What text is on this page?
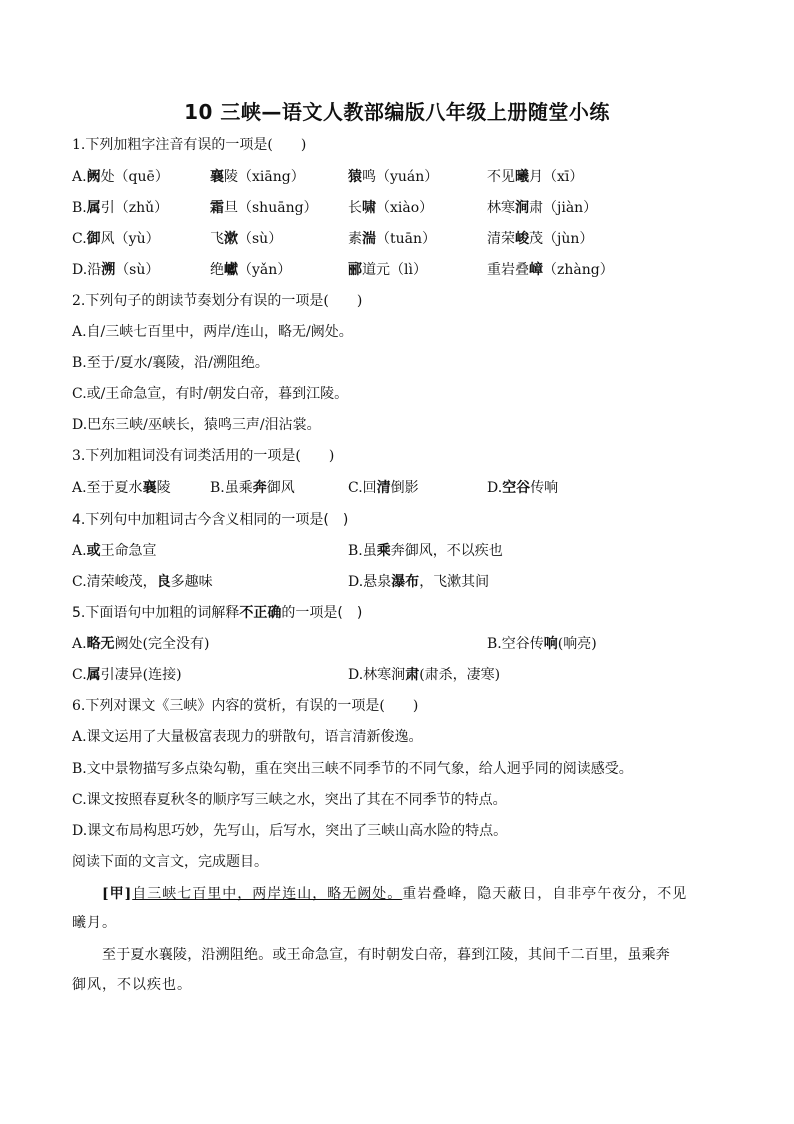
10 三峡—语文人教部编版八年级上册随堂小练
1.下列加粗字注音有误的一项是(　　)
A.阙处（quē）	襄陵（xiāng）	猿鸣（yuán）	不见曦月（xī）
B.属引（zhǔ）	霜旦（shuāng） 长啸（xiào）	林寒涧肃（jiàn）
C.御风（yù）	飞漱（sù）	素湍（tuān）	清荣峻茂（jùn）
D.沿溯（sù）	绝巘（yǎn）	郦道元（lì）	重岩叠嶂（zhàng）
2.下列句子的朗读节奏划分有误的一项是(　　)
A.自/三峡七百里中，两岸/连山，略无/阙处。
B.至于/夏水/襄陵，沿/溯阻绝。
C.或/王命急宣，有时/朝发白帝，暮到江陵。
D.巴东三峡/巫峡长，猿鸣三声/泪沾裳。
3.下列加粗词没有词类活用的一项是(　　)
A.至于夏水襄陵	B.虽乘奔御风	C.回清倒影	D.空谷传响
4.下列句中加粗词古今含义相同的一项是(　)
A.或王命急宣	B.虽乘奔御风，不以疾也
C.清荣峻茂，良多趣味	D.悬泉瀑布，飞漱其间
5.下面语句中加粗的词解释不正确的一项是(　)
A.略无阙处(完全没有)	B.空谷传响(响亮)
C.属引凄异(连接)	D.林寒涧肃(肃杀，凄寒)
6.下列对课文《三峡》内容的赏析，有误的一项是(　　)
A.课文运用了大量极富表现力的骈散句，语言清新俊逸。
B.文中景物描写多点染勾勒，重在突出三峡不同季节的不同气象，给人迥乎同的阅读感受。
C.课文按照春夏秋冬的顺序写三峡之水，突出了其在不同季节的特点。
D.课文布局构思巧妙，先写山，后写水，突出了三峡山高水险的特点。
阅读下面的文言文，完成题目。
[甲]自三峡七百里中，两岸连山，略无阙处。重岩叠峰，隐天蔽日，自非亭午夜分，不见
曦月。
至于夏水襄陵，沿溯阻绝。或王命急宣，有时朝发白帝，暮到江陵，其间千二百里，虽乘奔
御风，不以疾也。
